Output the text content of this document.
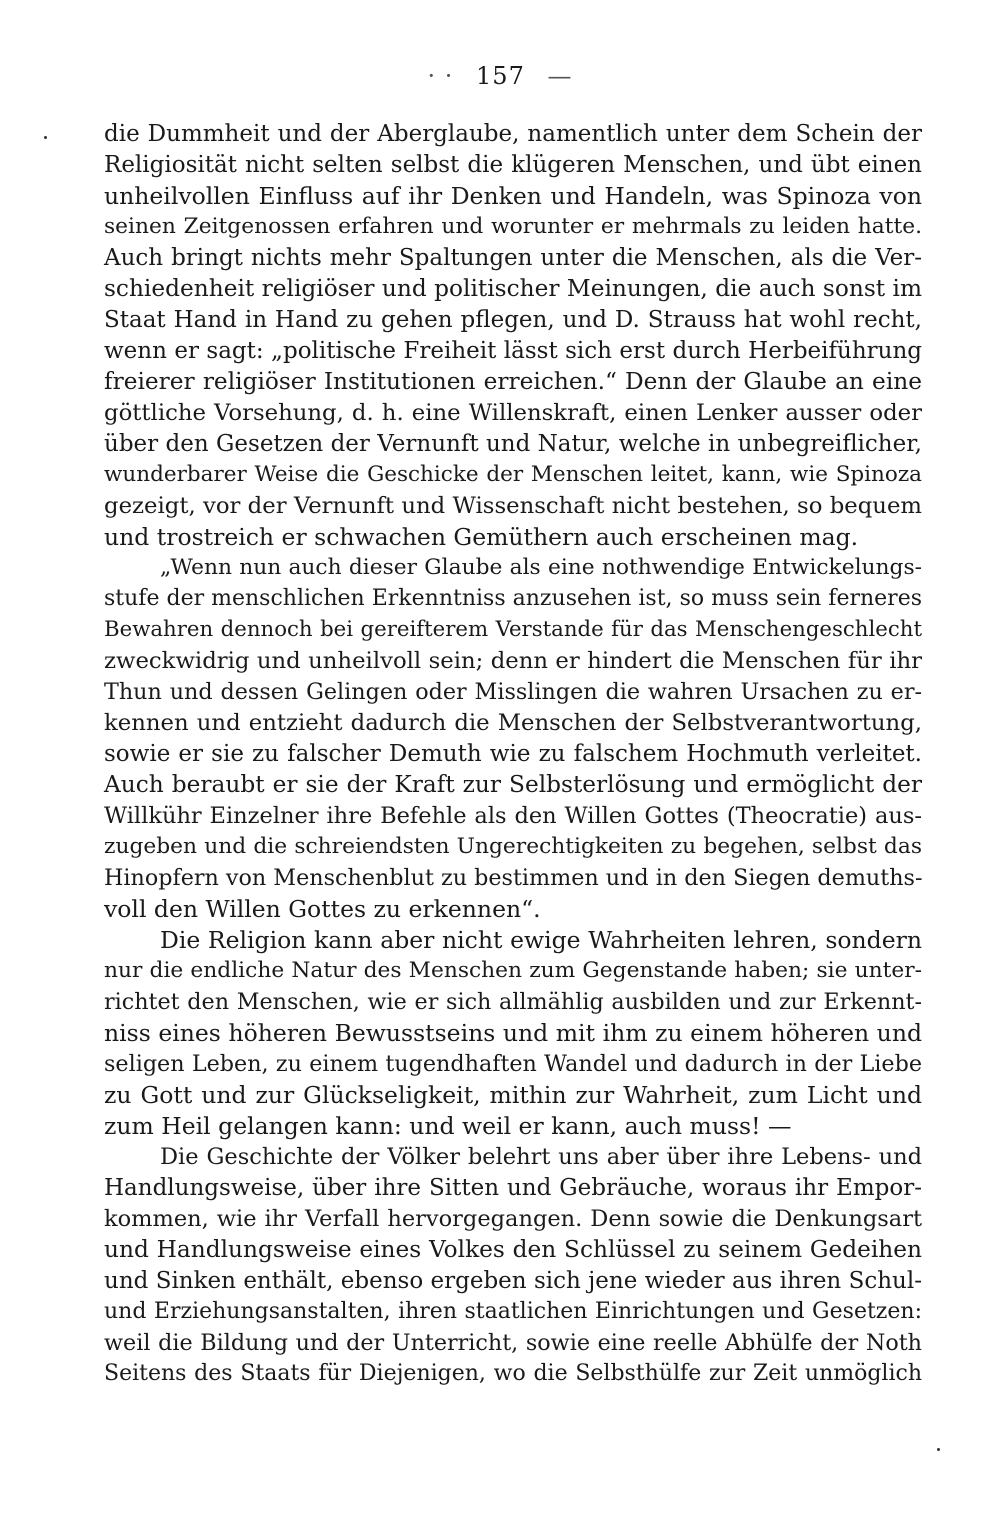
· · 157 —
die Dummheit und der Aberglaube, namentlich unter dem Schein der
Religiosität nicht selten selbst die klügeren Menschen, und übt einen
unheilvollen Einfluss auf ihr Denken und Handeln, was Spinoza von
seinen Zeitgenossen erfahren und worunter er mehrmals zu leiden hatte.
Auch bringt nichts mehr Spaltungen unter die Menschen, als die Ver-
schiedenheit religiöser und politischer Meinungen, die auch sonst im
Staat Hand in Hand zu gehen pflegen, und D. Strauss hat wohl recht,
wenn er sagt: „politische Freiheit lässt sich erst durch Herbeiführung
freierer religiöser Institutionen erreichen.“ Denn der Glaube an eine
göttliche Vorsehung, d. h. eine Willenskraft, einen Lenker ausser oder
über den Gesetzen der Vernunft und Natur, welche in unbegreiflicher,
wunderbarer Weise die Geschicke der Menschen leitet, kann, wie Spinoza
gezeigt, vor der Vernunft und Wissenschaft nicht bestehen, so bequem
und trostreich er schwachen Gemüthern auch erscheinen mag.
„Wenn nun auch dieser Glaube als eine nothwendige Entwickelungs-
stufe der menschlichen Erkenntniss anzusehen ist, so muss sein ferneres
Bewahren dennoch bei gereifterem Verstande für das Menschengeschlecht
zweckwidrig und unheilvoll sein; denn er hindert die Menschen für ihr
Thun und dessen Gelingen oder Misslingen die wahren Ursachen zu er-
kennen und entzieht dadurch die Menschen der Selbstverantwortung,
sowie er sie zu falscher Demuth wie zu falschem Hochmuth verleitet.
Auch beraubt er sie der Kraft zur Selbsterlösung und ermöglicht der
Willkühr Einzelner ihre Befehle als den Willen Gottes (Theocratie) aus-
zugeben und die schreiendsten Ungerechtigkeiten zu begehen, selbst das
Hinopfern von Menschenblut zu bestimmen und in den Siegen demuths-
voll den Willen Gottes zu erkennen“.
Die Religion kann aber nicht ewige Wahrheiten lehren, sondern
nur die endliche Natur des Menschen zum Gegenstande haben; sie unter-
richtet den Menschen, wie er sich allmählig ausbilden und zur Erkennt-
niss eines höheren Bewusstseins und mit ihm zu einem höheren und
seligen Leben, zu einem tugendhaften Wandel und dadurch in der Liebe
zu Gott und zur Glückseligkeit, mithin zur Wahrheit, zum Licht und
zum Heil gelangen kann: und weil er kann, auch muss! —
Die Geschichte der Völker belehrt uns aber über ihre Lebens- und
Handlungsweise, über ihre Sitten und Gebräuche, woraus ihr Empor-
kommen, wie ihr Verfall hervorgegangen. Denn sowie die Denkungsart
und Handlungsweise eines Volkes den Schlüssel zu seinem Gedeihen
und Sinken enthält, ebenso ergeben sich jene wieder aus ihren Schul-
und Erziehungsanstalten, ihren staatlichen Einrichtungen und Gesetzen:
weil die Bildung und der Unterricht, sowie eine reelle Abhülfe der Noth
Seitens des Staats für Diejenigen, wo die Selbsthülfe zur Zeit unmöglich
